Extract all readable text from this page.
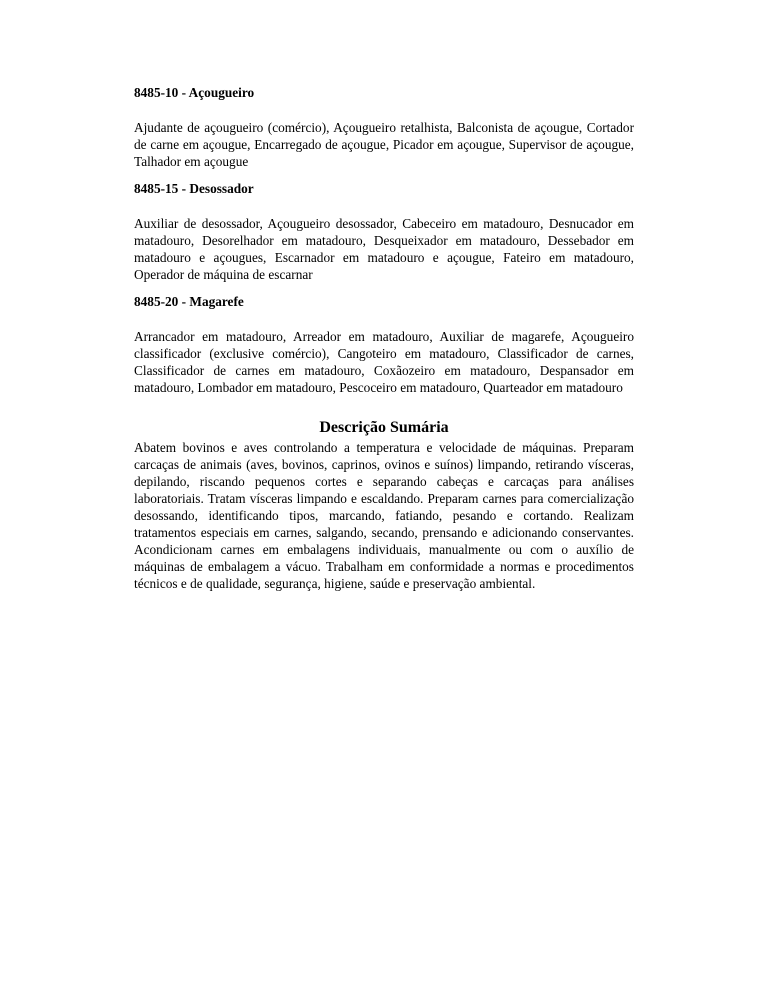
8485-10 - Açougueiro

Ajudante de açougueiro (comércio), Açougueiro retalhista, Balconista de açougue, Cortador de carne em açougue, Encarregado de açougue, Picador em açougue, Supervisor de açougue, Talhador em açougue

8485-15 - Desossador

Auxiliar de desossador, Açougueiro desossador, Cabeceiro em matadouro, Desnucador em matadouro, Desorelhador em matadouro, Desqueixador em matadouro, Dessebador em matadouro e açougues, Escarnador em matadouro e açougue, Fateiro em matadouro, Operador de máquina de escarnar

8485-20 - Magarefe

Arrancador em matadouro, Arreador em matadouro, Auxiliar de magarefe, Açougueiro classificador (exclusive comércio), Cangoteiro em matadouro, Classificador de carnes, Classificador de carnes em matadouro, Coxãozeiro em matadouro, Despansador em matadouro, Lombador em matadouro, Pescoceiro em matadouro, Quarteador em matadouro

Descrição Sumária

Abatem bovinos e aves controlando a temperatura e velocidade de máquinas. Preparam carcaças de animais (aves, bovinos, caprinos, ovinos e suínos) limpando, retirando vísceras, depilando, riscando pequenos cortes e separando cabeças e carcaças para análises laboratoriais. Tratam vísceras limpando e escaldando. Preparam carnes para comercialização desossando, identificando tipos, marcando, fatiando, pesando e cortando. Realizam tratamentos especiais em carnes, salgando, secando, prensando e adicionando conservantes. Acondicionam carnes em embalagens individuais, manualmente ou com o auxílio de máquinas de embalagem a vácuo. Trabalham em conformidade a normas e procedimentos técnicos e de qualidade, segurança, higiene, saúde e preservação ambiental.
